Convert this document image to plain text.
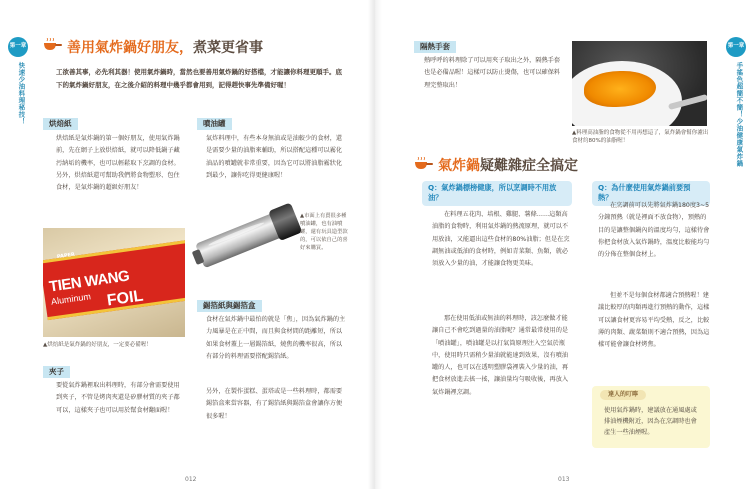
第一章
快速少油料理秘技！
善用氣炸鍋好朋友，煮菜更省事
工欲善其事，必先利其器！使用氣炸鍋時，當然也要善用氣炸鍋的好搭檔，才能讓你料理更順手。底下的氣炸鍋好朋友，在之後介紹的料理中幾乎都會用到，記得趕快事先準備好喔！
烘焙紙
烘焙紙是氣炸鍋的第一個好朋友，使用氣炸鍋前，先在網子上放烘焙紙，就可以降低鍋子藏污納垢的機率，也可以輕鬆取下烹調的食材。另外，烘焙紙還可幫助我們將食物塑形、包住食材，是氣炸鍋的超級好朋友！
PAPER
TIEN WANG
Aluminum FOIL
▲烘焙紙是氣炸鍋的好朋友，一定要必備喔！
夾子
要從氣炸鍋裡取出料理時，有部分會需要使用到夾子，不管是烤肉夾還是矽膠材質的夾子都可以，這樣夾子也可以用於幫食材翻面喔！
噴油罐
氣炸料理中，有些本身無油或是油較少的食材，還是需要少量的油脂來輔助，所以搭配這種可以霧化油品的噴罐就非常重要，因為它可以將油脂霧狀化到最少，讓你吃得更健康喔！
▲市面上有賣很多種噴油罐，也有油噴罐，還有玩具造型款的，可以依自己的喜好來購買。
錫箔紙與錫箔盒
食材在氣炸鍋中最怕的就是「焦」，因為氣炸鍋的主力風暴是在正中間，而且與食材間的距離短，所以如果食材蓋上一層錫箔紙，燒焦的機率很高，所以有部分的料理需要搭配錫箔紙。
另外，在製作蛋糕、蛋塔或是一些料理時，都需要錫箔盒來當容器，有了錫箔紙與錫箔盒會讓你方便很多喔！
012
第一章
手搖色超簡不簡！少油健康氣炸鍋
隔熱手套
熱呼呼的料理除了可以用夾子取出之外，隔熱手套也是必備品喔！這樣可以防止燙傷，也可以確保料理完整取出！
▲料理高油脂的食物從不用再想這了，氣炸鍋會幫你濾出食材約80%的油脂喔！
氣炸鍋疑難雜症全搞定
Q：氣炸鍋標榜健康，所以烹調時不用放油？
在料理五花肉、培根、雞腿、薯條……這類高油脂的食物時，利用氣炸鍋的熱流原理，就可以不用放油，又能逼出這些食材的80%油脂；但是在烹調無油或低油的食材時，例如青菜類、魚類，就必須放入少量的油，才能讓食物更美味。
那在使用低油或無油的料理時，該怎麼做才能讓自己不會吃到過量的油脂呢？通常最常使用的是「噴油罐」，噴油罐是以打氣筒原理注入空氣於瓶中，使用時只需稍少量油就能達到效果，沒有噴油罐的人，也可以在透明塑膠袋裡裝入少量的油，再把食材放進去搖一搖，讓油量均勻吸收後，再放入氣炸鍋裡烹調。
Q：為什麼使用氣炸鍋前要預熱？
在烹調前可以先將氣炸鍋180度3~5分鐘預熱（就是裡面不放食物），預熱的目的是讓整個鍋內的溫度均勻，這樣待會你把食材放入氣炸鍋時，溫度比較能均勻的分佈在整個食材上。
但並不是每個食材都適合預熱喔！建議比較厚的肉類再進行預熱的動作，這樣可以讓食材更容易平均受熱，反之，比較薄的肉類、蔬菜類則不適合預熱，因為這樣可能會讓食材烤焦。
使用氣炸鍋時，建議放在通風處或排油煙機附近，因為在烹調時也會產生一些油煙喔。
達人的叮嚀
013
